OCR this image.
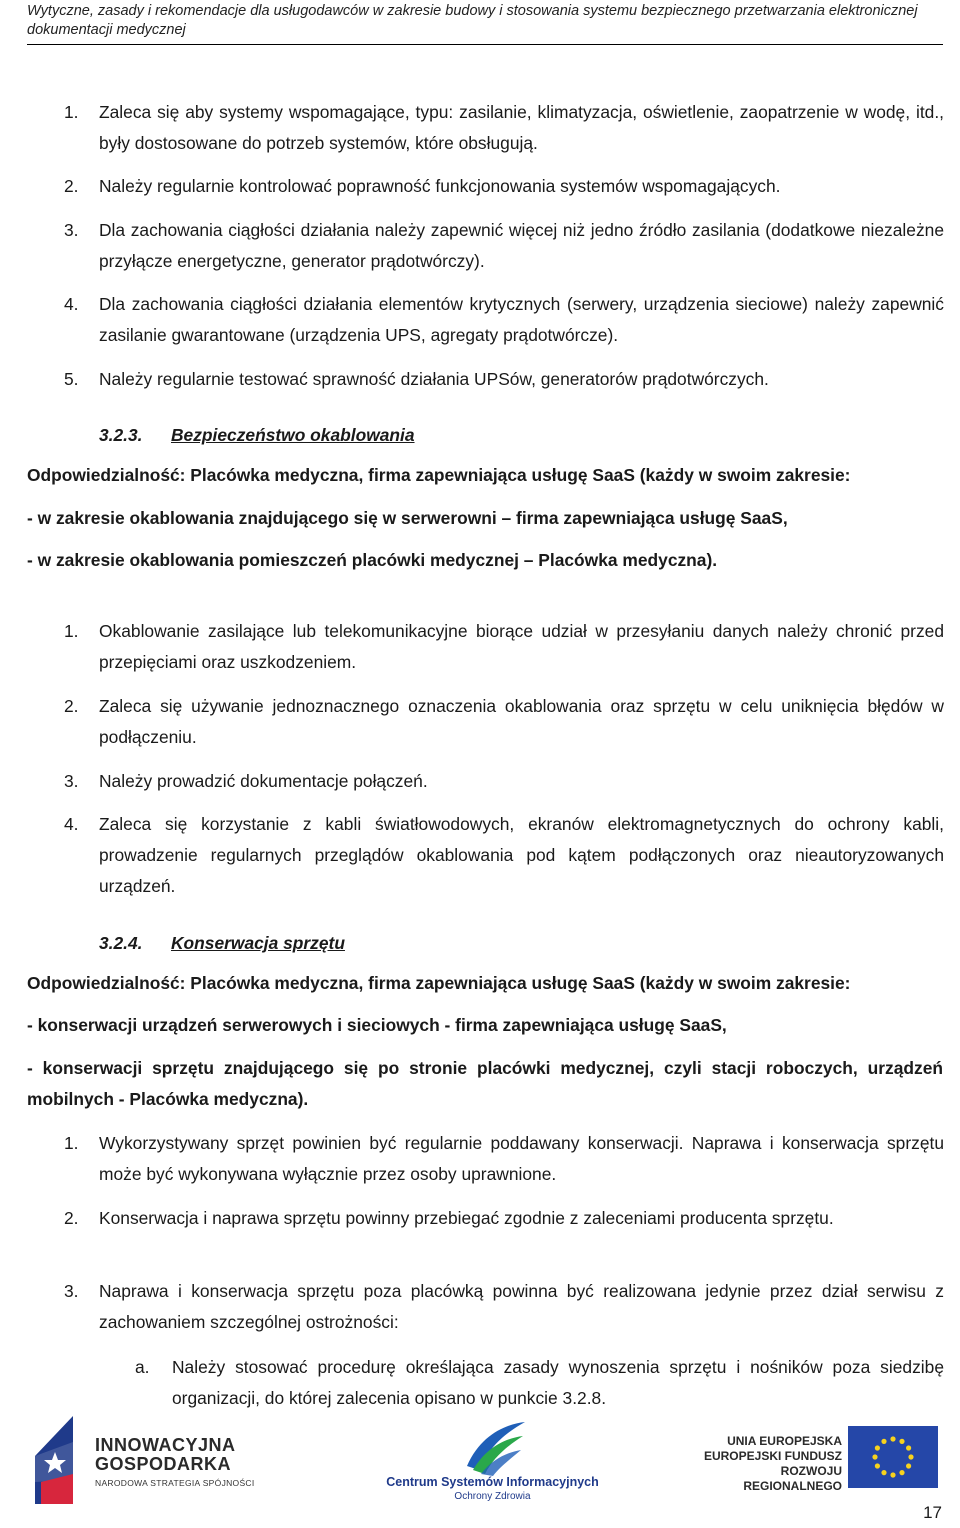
Wytyczne, zasady i rekomendacje dla usługodawców w zakresie budowy i stosowania systemu bezpiecznego przetwarzania elektronicznej
dokumentacji medycznej
1. Zaleca się aby systemy wspomagające, typu: zasilanie, klimatyzacja, oświetlenie, zaopatrzenie w wodę, itd., były dostosowane do potrzeb systemów, które obsługują.
2. Należy regularnie kontrolować poprawność funkcjonowania systemów wspomagających.
3. Dla zachowania ciągłości działania należy zapewnić więcej niż jedno źródło zasilania (dodatkowe niezależne przyłącze energetyczne, generator prądotwórczy).
4. Dla zachowania ciągłości działania elementów krytycznych (serwery, urządzenia sieciowe) należy zapewnić zasilanie gwarantowane (urządzenia UPS, agregaty prądotwórcze).
5. Należy regularnie testować sprawność działania UPSów, generatorów prądotwórczych.
3.2.3. Bezpieczeństwo okablowania
Odpowiedzialność: Placówka medyczna, firma zapewniająca usługę SaaS (każdy w swoim zakresie:
- w zakresie okablowania znajdującego się w serwerowni – firma zapewniająca usługę SaaS,
- w zakresie okablowania pomieszczeń placówki medycznej – Placówka medyczna).
1. Okablowanie zasilające lub telekomunikacyjne biorące udział w przesyłaniu danych należy chronić przed przepięciami oraz uszkodzeniem.
2. Zaleca się używanie jednoznacznego oznaczenia okablowania oraz sprzętu w celu uniknięcia błędów w podłączeniu.
3. Należy prowadzić dokumentacje połączeń.
4. Zaleca się korzystanie z kabli światłowodowych, ekranów elektromagnetycznych do ochrony kabli, prowadzenie regularnych przeglądów okablowania pod kątem podłączonych oraz nieautoryzowanych urządzeń.
3.2.4. Konserwacja sprzętu
Odpowiedzialność: Placówka medyczna, firma zapewniająca usługę SaaS (każdy w swoim zakresie:
- konserwacji urządzeń serwerowych i sieciowych - firma zapewniająca usługę SaaS,
- konserwacji sprzętu znajdującego się po stronie placówki medycznej, czyli stacji roboczych, urządzeń mobilnych - Placówka medyczna).
1. Wykorzystywany sprzęt powinien być regularnie poddawany konserwacji. Naprawa i konserwacja sprzętu może być wykonywana wyłącznie przez osoby uprawnione.
2. Konserwacja i naprawa sprzętu powinny przebiegać zgodnie z zaleceniami producenta sprzętu.
3. Naprawa i konserwacja sprzętu poza placówką powinna być realizowana jedynie przez dział serwisu z zachowaniem szczególnej ostrożności:
a. Należy stosować procedurę określająca zasady wynoszenia sprzętu i nośników poza siedzibę organizacji, do której zalecenia opisano w punkcie 3.2.8.
INNOWACYJNA
GOSPODARKA
NARODOWA STRATEGIA SPÓJNOŚCI	Centrum Systemów Informacyjnych
Ochrony Zdrowia
UNIA EUROPEJSKA
EUROPEJSKI FUNDUSZ
ROZWOJU REGIONALNEGO
17
